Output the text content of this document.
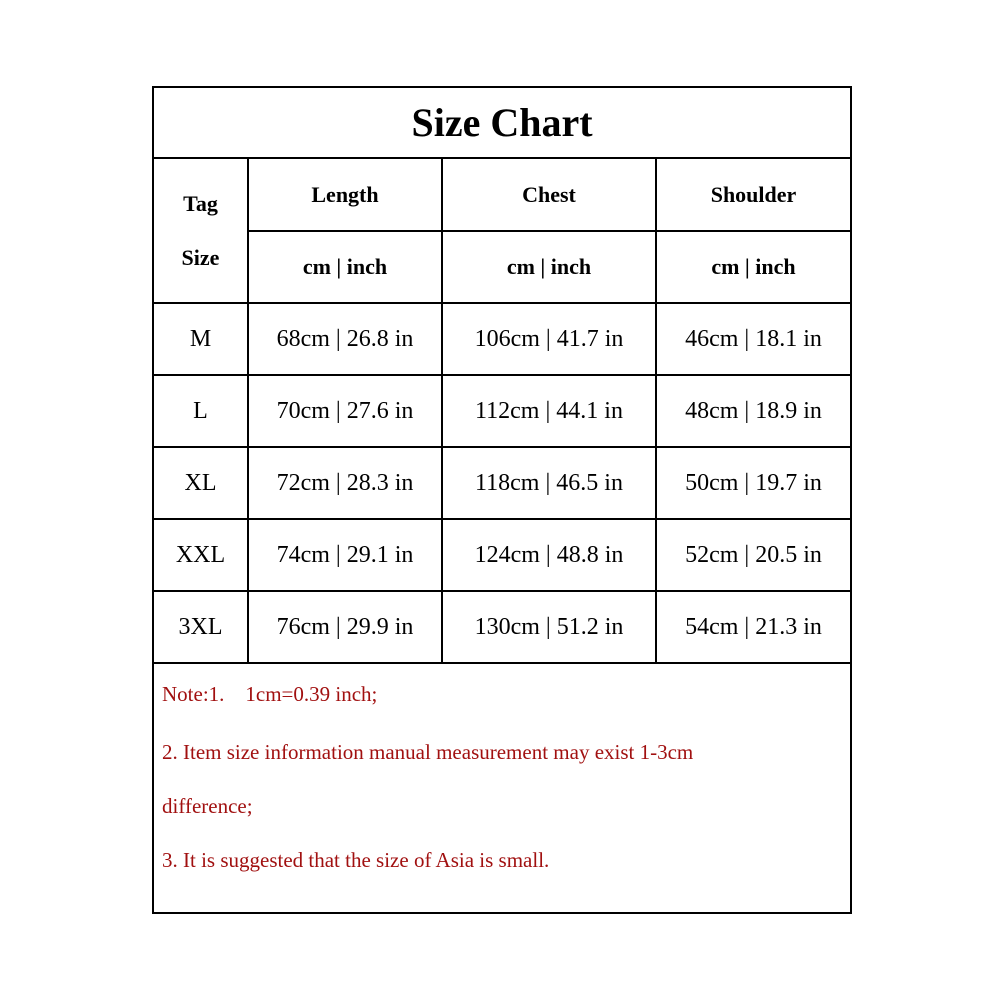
Size Chart
Tag
Size	Length	Chest	Shoulder
	cm | inch	cm | inch	cm | inch
M	68cm | 26.8 in	106cm | 41.7 in	46cm | 18.1 in
L	70cm | 27.6 in	112cm | 44.1 in	48cm | 18.9 in
XL	72cm | 28.3 in	118cm | 46.5 in	50cm | 19.7 in
XXL	74cm | 29.1 in	124cm | 48.8 in	52cm | 20.5 in
3XL	76cm | 29.9 in	130cm | 51.2 in	54cm | 21.3 in
Note:1.    1cm=0.39 inch;
2. Item size information manual measurement may exist 1-3cm
difference;
3. It is suggested that the size of Asia is small.
